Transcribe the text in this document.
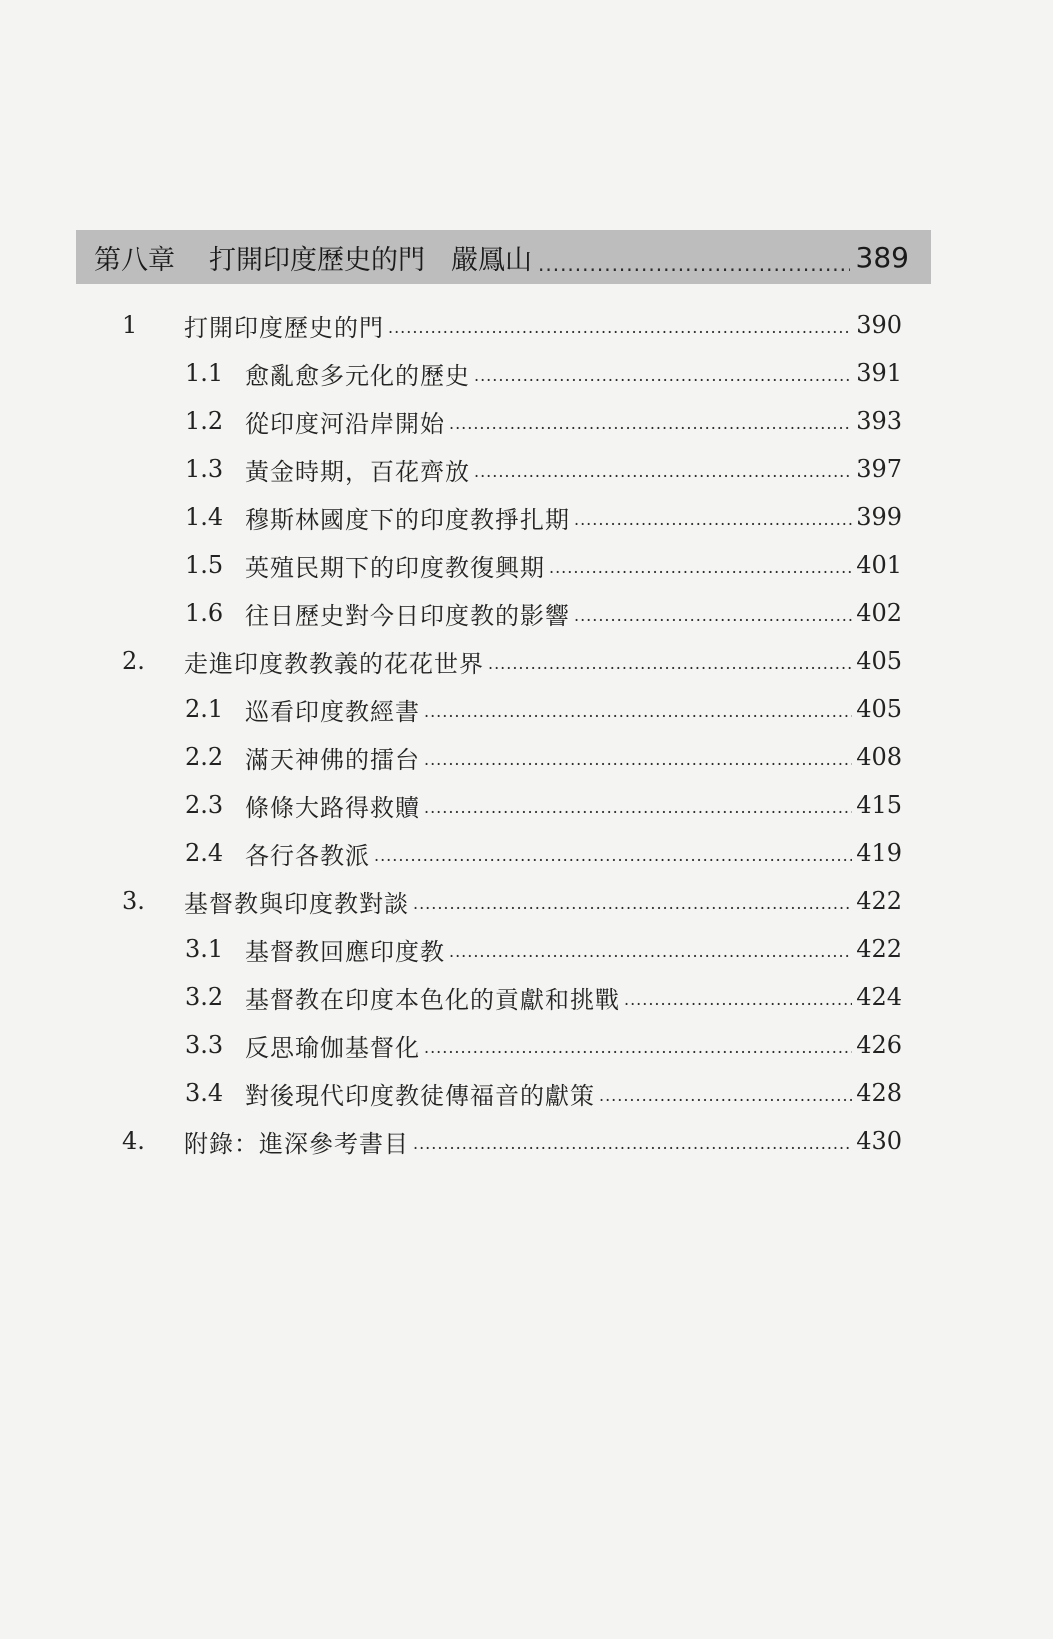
第八章 打開印度歷史的門 嚴鳳山 .....	389
1	打開印度歷史的門 .....	390
1.1 愈亂愈多元化的歷史 .....	391
1.2 從印度河沿岸開始 .....	393
1.3 黃金時期，百花齊放 .....	397
1.4 穆斯林國度下的印度教掙扎期 .....	399
1.5 英殖民期下的印度教復興期 .....	401
1.6 往日歷史對今日印度教的影響 .....	402
2.	走進印度教教義的花花世界 .....	405
2.1 巡看印度教經書 .....	405
2.2 滿天神佛的擂台 .....	408
2.3 條條大路得救贖 .....	415
2.4 各行各教派 .....	419
3.	基督教與印度教對談 .....	422
3.1 基督教回應印度教 .....	422
3.2 基督教在印度本色化的貢獻和挑戰 .....	424
3.3 反思瑜伽基督化 .....	426
3.4 對後現代印度教徒傳福音的獻策 .....	428
4.	附錄：進深參考書目 .....	430
